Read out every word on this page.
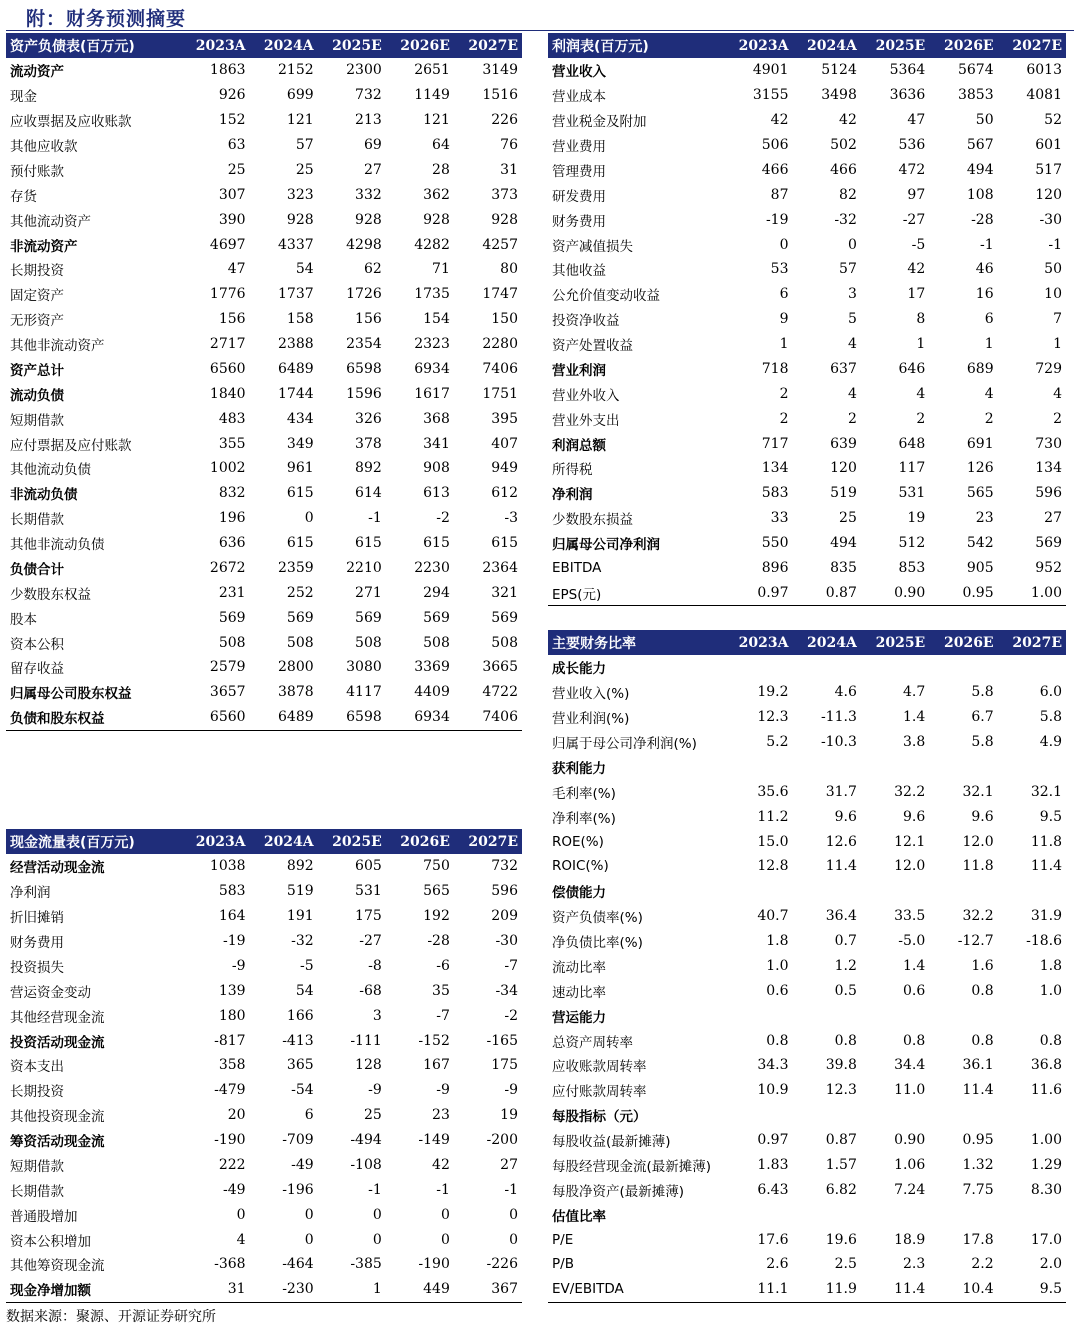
附：财务预测摘要
资产负债表(百万元)	2023A	2024A	2025E	2026E	2027E
流动资产	1863	2152	2300	2651	3149
现金	926	699	732	1149	1516
应收票据及应收账款	152	121	213	121	226
其他应收款	63	57	69	64	76
预付账款	25	25	27	28	31
存货	307	323	332	362	373
其他流动资产	390	928	928	928	928
非流动资产	4697	4337	4298	4282	4257
长期投资	47	54	62	71	80
固定资产	1776	1737	1726	1735	1747
无形资产	156	158	156	154	150
其他非流动资产	2717	2388	2354	2323	2280
资产总计	6560	6489	6598	6934	7406
流动负债	1840	1744	1596	1617	1751
短期借款	483	434	326	368	395
应付票据及应付账款	355	349	378	341	407
其他流动负债	1002	961	892	908	949
非流动负债	832	615	614	613	612
长期借款	196	0	-1	-2	-3
其他非流动负债	636	615	615	615	615
负债合计	2672	2359	2210	2230	2364
少数股东权益	231	252	271	294	321
股本	569	569	569	569	569
资本公积	508	508	508	508	508
留存收益	2579	2800	3080	3369	3665
归属母公司股东权益	3657	3878	4117	4409	4722
负债和股东权益	6560	6489	6598	6934	7406
利润表(百万元)	2023A	2024A	2025E	2026E	2027E
营业收入	4901	5124	5364	5674	6013
营业成本	3155	3498	3636	3853	4081
营业税金及附加	42	42	47	50	52
营业费用	506	502	536	567	601
管理费用	466	466	472	494	517
研发费用	87	82	97	108	120
财务费用	-19	-32	-27	-28	-30
资产减值损失	0	0	-5	-1	-1
其他收益	53	57	42	46	50
公允价值变动收益	6	3	17	16	10
投资净收益	9	5	8	6	7
资产处置收益	1	4	1	1	1
营业利润	718	637	646	689	729
营业外收入	2	4	4	4	4
营业外支出	2	2	2	2	2
利润总额	717	639	648	691	730
所得税	134	120	117	126	134
净利润	583	519	531	565	596
少数股东损益	33	25	19	23	27
归属母公司净利润	550	494	512	542	569
EBITDA	896	835	853	905	952
EPS(元)	0.97	0.87	0.90	0.95	1.00
主要财务比率	2023A	2024A	2025E	2026E	2027E
成长能力					
营业收入(%)	19.2	4.6	4.7	5.8	6.0
营业利润(%)	12.3	-11.3	1.4	6.7	5.8
归属于母公司净利润(%)	5.2	-10.3	3.8	5.8	4.9
获利能力					
毛利率(%)	35.6	31.7	32.2	32.1	32.1
净利率(%)	11.2	9.6	9.6	9.6	9.5
ROE(%)	15.0	12.6	12.1	12.0	11.8
ROIC(%)	12.8	11.4	12.0	11.8	11.4
偿债能力					
资产负债率(%)	40.7	36.4	33.5	32.2	31.9
净负债比率(%)	1.8	0.7	-5.0	-12.7	-18.6
流动比率	1.0	1.2	1.4	1.6	1.8
速动比率	0.6	0.5	0.6	0.8	1.0
营运能力					
总资产周转率	0.8	0.8	0.8	0.8	0.8
应收账款周转率	34.3	39.8	34.4	36.1	36.8
应付账款周转率	10.9	12.3	11.0	11.4	11.6
每股指标（元）					
每股收益(最新摊薄)	0.97	0.87	0.90	0.95	1.00
每股经营现金流(最新摊薄)	1.83	1.57	1.06	1.32	1.29
每股净资产(最新摊薄)	6.43	6.82	7.24	7.75	8.30
估值比率					
P/E	17.6	19.6	18.9	17.8	17.0
P/B	2.6	2.5	2.3	2.2	2.0
EV/EBITDA	11.1	11.9	11.4	10.4	9.5
现金流量表(百万元)	2023A	2024A	2025E	2026E	2027E
经营活动现金流	1038	892	605	750	732
净利润	583	519	531	565	596
折旧摊销	164	191	175	192	209
财务费用	-19	-32	-27	-28	-30
投资损失	-9	-5	-8	-6	-7
营运资金变动	139	54	-68	35	-34
其他经营现金流	180	166	3	-7	-2
投资活动现金流	-817	-413	-111	-152	-165
资本支出	358	365	128	167	175
长期投资	-479	-54	-9	-9	-9
其他投资现金流	20	6	25	23	19
筹资活动现金流	-190	-709	-494	-149	-200
短期借款	222	-49	-108	42	27
长期借款	-49	-196	-1	-1	-1
普通股增加	0	0	0	0	0
资本公积增加	4	0	0	0	0
其他筹资现金流	-368	-464	-385	-190	-226
现金净增加额	31	-230	1	449	367
数据来源：聚源、开源证券研究所
